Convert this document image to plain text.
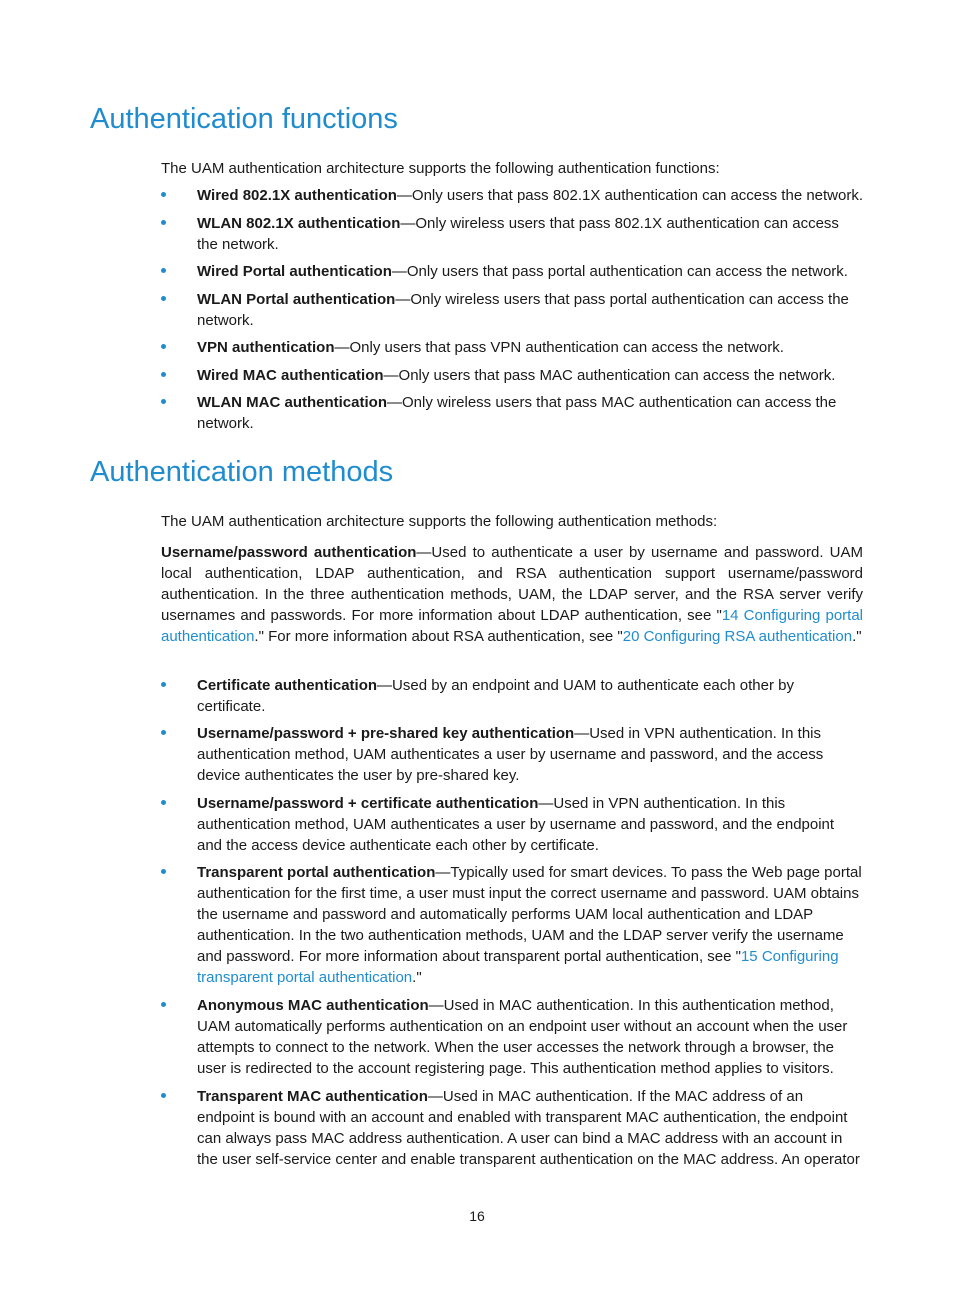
Authentication functions

The UAM authentication architecture supports the following authentication functions:

Wired 802.1X authentication—Only users that pass 802.1X authentication can access the network.
WLAN 802.1X authentication—Only wireless users that pass 802.1X authentication can access the network.
Wired Portal authentication—Only users that pass portal authentication can access the network.
WLAN Portal authentication—Only wireless users that pass portal authentication can access the network.
VPN authentication—Only users that pass VPN authentication can access the network.
Wired MAC authentication—Only users that pass MAC authentication can access the network.
WLAN MAC authentication—Only wireless users that pass MAC authentication can access the network.
Authentication methods

The UAM authentication architecture supports the following authentication methods:

Username/password authentication—Used to authenticate a user by username and password. UAM local authentication, LDAP authentication, and RSA authentication support username/password authentication. In the three authentication methods, UAM, the LDAP server, and the RSA server verify usernames and passwords. For more information about LDAP authentication, see "14 Configuring portal authentication." For more information about RSA authentication, see "20 Configuring RSA authentication."

Certificate authentication—Used by an endpoint and UAM to authenticate each other by certificate.
Username/password + pre-shared key authentication—Used in VPN authentication. In this authentication method, UAM authenticates a user by username and password, and the access device authenticates the user by pre-shared key.
Username/password + certificate authentication—Used in VPN authentication. In this authentication method, UAM authenticates a user by username and password, and the endpoint and the access device authenticate each other by certificate.
Transparent portal authentication—Typically used for smart devices. To pass the Web page portal authentication for the first time, a user must input the correct username and password. UAM obtains the username and password and automatically performs UAM local authentication and LDAP authentication. In the two authentication methods, UAM and the LDAP server verify the username and password. For more information about transparent portal authentication, see "15 Configuring transparent portal authentication."
Anonymous MAC authentication—Used in MAC authentication. In this authentication method, UAM automatically performs authentication on an endpoint user without an account when the user attempts to connect to the network. When the user accesses the network through a browser, the user is redirected to the account registering page. This authentication method applies to visitors.
Transparent MAC authentication—Used in MAC authentication. If the MAC address of an endpoint is bound with an account and enabled with transparent MAC authentication, the endpoint can always pass MAC address authentication. A user can bind a MAC address with an account in the user self-service center and enable transparent authentication on the MAC address. An operator
16
